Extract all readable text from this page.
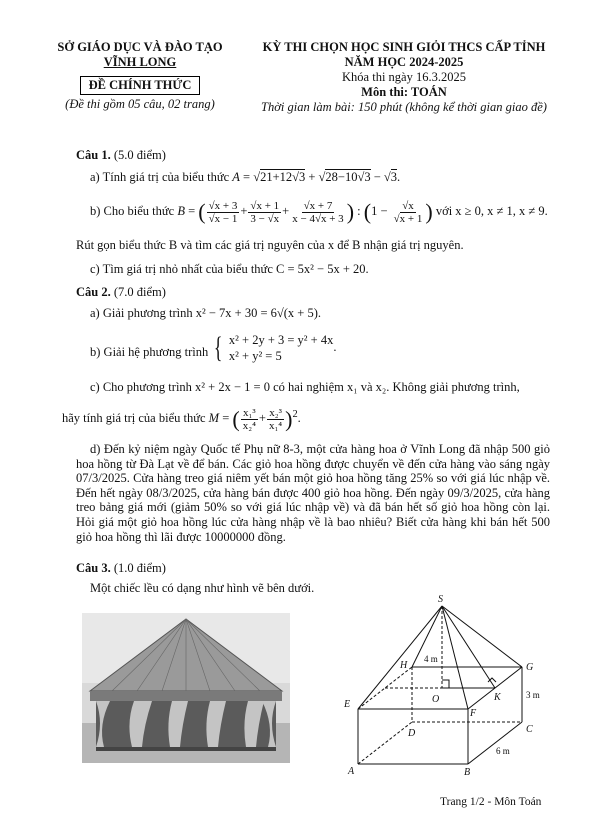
SỞ GIÁO DỤC VÀ ĐÀO TẠO
VĨNH LONG
ĐỀ CHÍNH THỨC
(Đề thi gồm 05 câu, 02 trang)
KỲ THI CHỌN HỌC SINH GIỎI THCS CẤP TỈNH
NĂM HỌC 2024-2025
Khóa thi ngày 16.3.2025
Môn thi: TOÁN
Thời gian làm bài: 150 phút (không kể thời gian giao đề)
Câu 1. (5.0 điểm)
a) Tính giá trị của biểu thức A = √21+12√3 + √28−10√3 − √3.
b) Cho biểu thức B = ( $\frac{√x + 3}{√x - 1} + \frac{√x + 1}{3 - √x} + \frac{√x + 7}{x - 4√x + 3}$ ) : ($1 - \frac{√x}{√x + 1}$ ) với x ≥ 0, x ≠ 1, x ≠ 9.
Rút gọn biểu thức B và tìm các giá trị nguyên của x để B nhận giá trị nguyên.
c) Tìm giá trị nhỏ nhất của biểu thức C = 5x² − 5x + 20.
Câu 2. (7.0 điểm)
a) Giải phương trình x² − 7x + 30 = 6√(x + 5).
b) Giải hệ phương trình { x² + 2y + 3 = y² + 4x
x² + y² = 5.
c) Cho phương trình x² + 2x − 1 = 0 có hai nghiệm x₁ và x₂. Không giải phương trình,
hãy tính giá trị của biểu thức M = ( $\frac{\text{x₁³}}{\text{x₂⁴}} + \frac{\text{x₂³}}{\text{x₁⁴}} )^2$.
d) Đến kỷ niệm ngày Quốc tế Phụ nữ 8-3, một cửa hàng hoa ở Vĩnh Long đã nhập 500 giỏ hoa hồng từ Đà Lạt về để bán. Các giỏ hoa hồng được chuyển về đến cửa hàng vào sáng ngày 07/3/2025. Cửa hàng treo giá niêm yết bán một giỏ hoa hồng tăng 25% so với giá lúc nhập về. Đến hết ngày 08/3/2025, cửa hàng bán được 400 giỏ hoa hồng. Đến ngày 09/3/2025, cửa hàng treo bảng giá mới (giảm 50% so với giá lúc nhập về) và đã bán hết số giỏ hoa hồng còn lại. Hỏi giá một giỏ hoa hồng lúc cửa hàng nhập về là bao nhiêu? Biết cửa hàng khi bán hết 500 giỏ hoa hồng thì lãi được 10000000 đồng.
Câu 3. (1.0 điểm)
Một chiếc lều có dạng như hình vẽ bên dưới.
S
H	G
E	O	K
F
D	C
A	B
4 m
3 m
6 m
Trang 1/2 - Môn Toán
